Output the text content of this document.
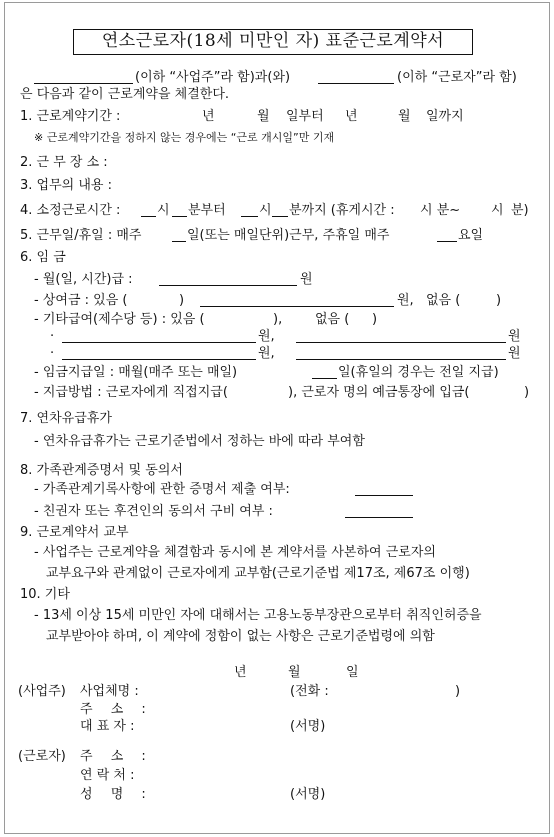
연소근로자(18세 미만인 자) 표준근로계약서
(이하 “사업주”라 함)과(와)	(이하 “근로자”라 함)
은 다음과 같이 근로계약을 체결한다.
1. 근로계약기간 :	년	월 일부터 년	월 일까지
※ 근로계약기간을 정하지 않는 경우에는 “근로 개시일”만 기재
2. 근 무 장 소 :
3. 업무의 내용 :
4. 소정근로시간 :	시 분부터	시 분까지 (휴게시간 : 시 분~ 시 분)
5. 근무일/휴일 : 매주	일(또는 매일단위)근무, 주휴일 매주	요일
6. 임 금
- 월(일, 시간)급 :	원
- 상여금 : 있음 (	)	원, 없음 (	)
- 기타급여(제수당 등) : 있음 (	),	없음 ( )
·	원,	원
·	원,	원
- 임금지급일 : 매월(매주 또는 매일)	일(휴일의 경우는 전일 지급)
- 지급방법 : 근로자에게 직접지급(	), 근로자 명의 예금통장에 입금(	)
7. 연차유급휴가
- 연차유급휴가는 근로기준법에서 정하는 바에 따라 부여함
8. 가족관계증명서 및 동의서
- 가족관계기록사항에 관한 증명서 제출 여부:
- 친권자 또는 후견인의 동의서 구비 여부 :
9. 근로계약서 교부
- 사업주는 근로계약을 체결함과 동시에 본 계약서를 사본하여 근로자의
교부요구와 관계없이 근로자에게 교부함(근로기준법 제17조, 제67조 이행)
10. 기타
- 13세 이상 15세 미만인 자에 대해서는 고용노동부장관으로부터 취직인허증을
교부받아야 하며, 이 계약에 정함이 없는 사항은 근로기준법령에 의함
년	월	일
(사업주) 사업체명 :	(전화 :	)
주 소 :
대 표 자 :	(서명)
(근로자) 주 소 :
연 락 처 :
성 명 :	(서명)
